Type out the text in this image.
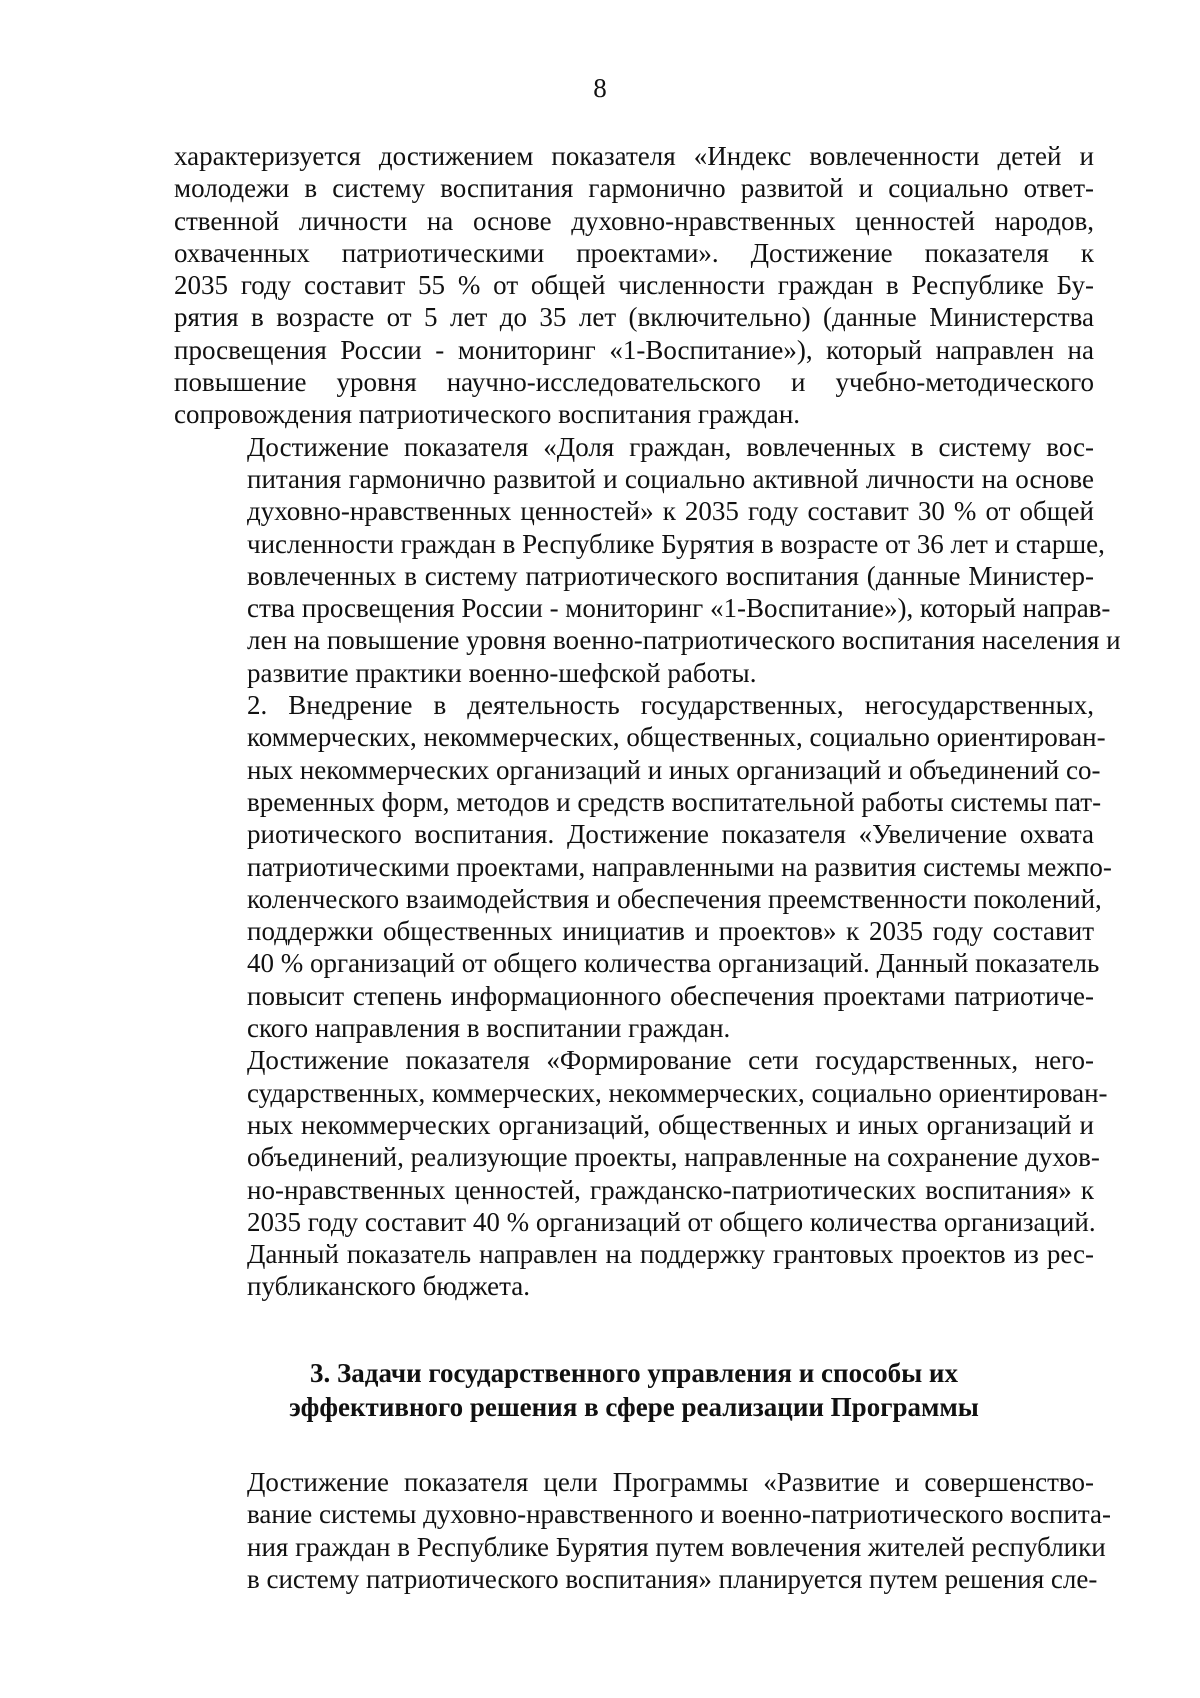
8

характеризуется достижением показателя «Индекс вовлеченности детей и
молодежи в систему воспитания гармонично развитой и социально ответ-
ственной личности на основе духовно-нравственных ценностей народов,
охваченных патриотическими проектами». Достижение показателя к
2035 году составит 55 % от общей численности граждан в Республике Бу-
рятия в возрасте от 5 лет до 35 лет (включительно) (данные Министерства
просвещения России - мониторинг «1-Воспитание»), который направлен на
повышение уровня научно-исследовательского и учебно-методического
сопровождения патриотического воспитания граждан.

Достижение показателя «Доля граждан, вовлеченных в систему вос-
питания гармонично развитой и социально активной личности на основе
духовно-нравственных ценностей» к 2035 году составит 30 % от общей
численности граждан в Республике Бурятия в возрасте от 36 лет и старше,
вовлеченных в систему патриотического воспитания (данные Министер-
ства просвещения России - мониторинг «1-Воспитание»), который направ-
лен на повышение уровня военно-патриотического воспитания населения и
развитие практики военно-шефской работы.

2. Внедрение в деятельность государственных, негосударственных,
коммерческих, некоммерческих, общественных, социально ориентирован-
ных некоммерческих организаций и иных организаций и объединений со-
временных форм, методов и средств воспитательной работы системы пат-
риотического воспитания. Достижение показателя «Увеличение охвата
патриотическими проектами, направленными на развития системы межпо-
коленческого взаимодействия и обеспечения преемственности поколений,
поддержки общественных инициатив и проектов» к 2035 году составит
40 % организаций от общего количества организаций. Данный показатель
повысит степень информационного обеспечения проектами патриотиче-
ского направления в воспитании граждан.

Достижение показателя «Формирование сети государственных, него-
сударственных, коммерческих, некоммерческих, социально ориентирован-
ных некоммерческих организаций, общественных и иных организаций и
объединений, реализующие проекты, направленные на сохранение духов-
но-нравственных ценностей, гражданско-патриотических воспитания» к
2035 году составит 40 % организаций от общего количества организаций.
Данный показатель направлен на поддержку грантовых проектов из рес-
публиканского бюджета.

3. Задачи государственного управления и способы их
эффективного решения в сфере реализации Программы

Достижение показателя цели Программы «Развитие и совершенство-
вание системы духовно-нравственного и военно-патриотического воспита-
ния граждан в Республике Бурятия путем вовлечения жителей республики
в систему патриотического воспитания» планируется путем решения сле-
